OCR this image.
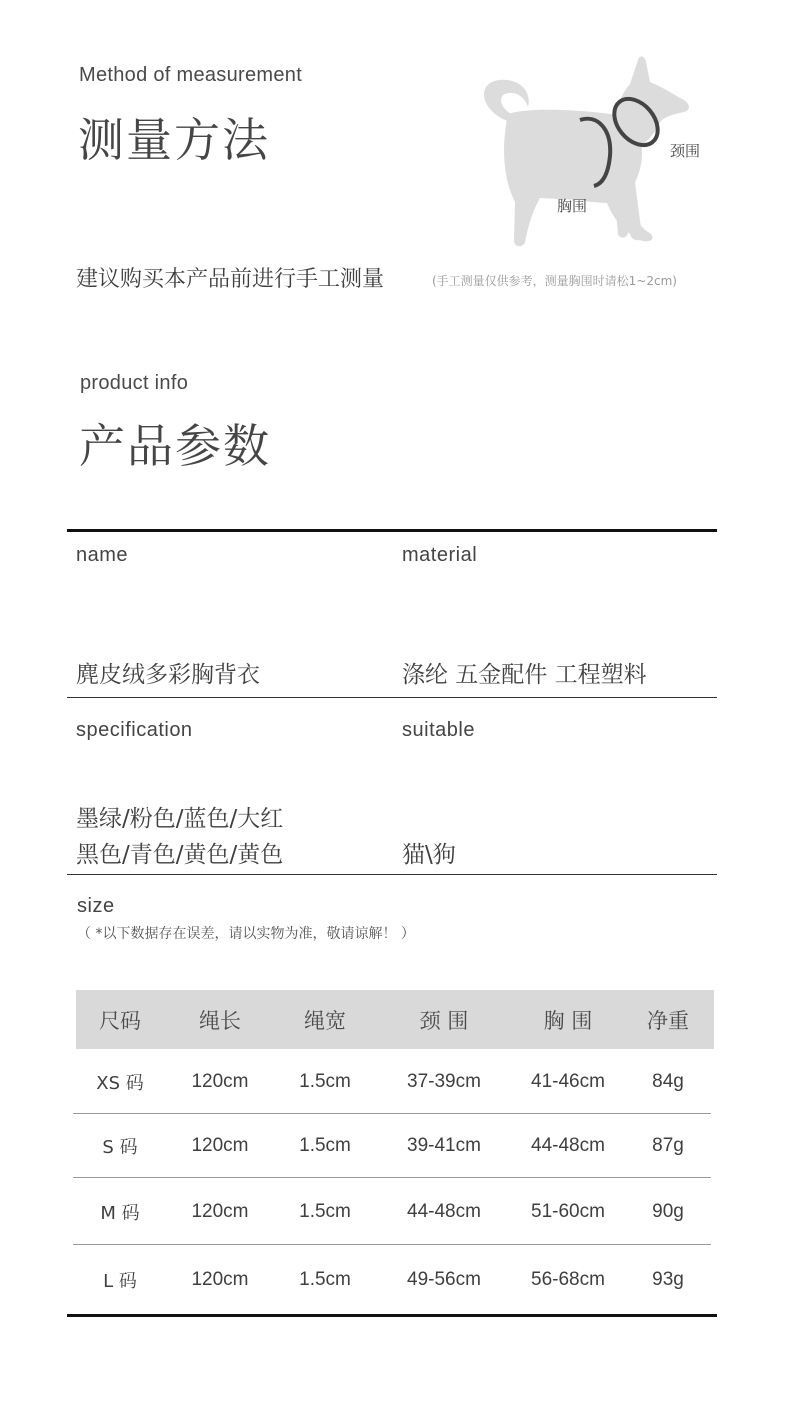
Method of measurement
测量方法	颈围
胸围
建议购买本产品前进行手工测量	(手工测量仅供参考，测量胸围时请松1~2cm)
product info
产品参数
name	material
麂皮绒多彩胸背衣	涤纶 五金配件 工程塑料
specification	suitable
墨绿/粉色/蓝色/大红
黑色/青色/黄色/黄色	猫\狗
size
（ *以下数据存在误差，请以实物为准，敬请谅解！ ）
尺码	绳长	绳宽	颈 围	胸 围	净重
XS 码	120cm	1.5cm	37-39cm	41-46cm	84g
S 码	120cm	1.5cm	39-41cm	44-48cm	87g
M 码	120cm	1.5cm	44-48cm	51-60cm	90g
L 码	120cm	1.5cm	49-56cm	56-68cm	93g
